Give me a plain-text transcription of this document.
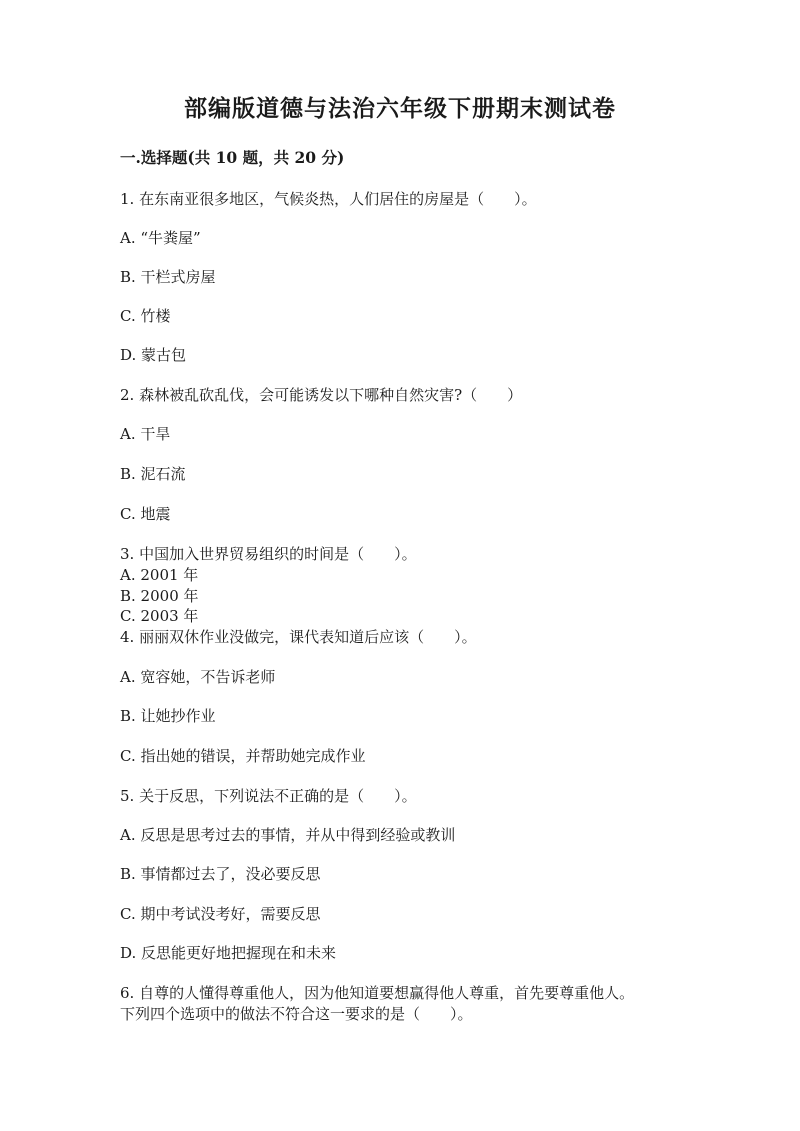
部编版道德与法治六年级下册期末测试卷
一.选择题(共 10 题，共 20 分)
1. 在东南亚很多地区，气候炎热，人们居住的房屋是（　　）。
A. “牛粪屋”
B. 干栏式房屋
C. 竹楼
D. 蒙古包
2. 森林被乱砍乱伐，会可能诱发以下哪种自然灾害?（　　）
A. 干旱
B. 泥石流
C. 地震
3. 中国加入世界贸易组织的时间是（　　）。
A. 2001 年
B. 2000 年
C. 2003 年
4. 丽丽双休作业没做完，课代表知道后应该（　　）。
A. 宽容她，不告诉老师
B. 让她抄作业
C. 指出她的错误，并帮助她完成作业
5. 关于反思，下列说法不正确的是（　　）。
A. 反思是思考过去的事情，并从中得到经验或教训
B. 事情都过去了，没必要反思
C. 期中考试没考好，需要反思
D. 反思能更好地把握现在和未来
6. 自尊的人懂得尊重他人，因为他知道要想赢得他人尊重，首先要尊重他人。
下列四个选项中的做法不符合这一要求的是（　　）。
